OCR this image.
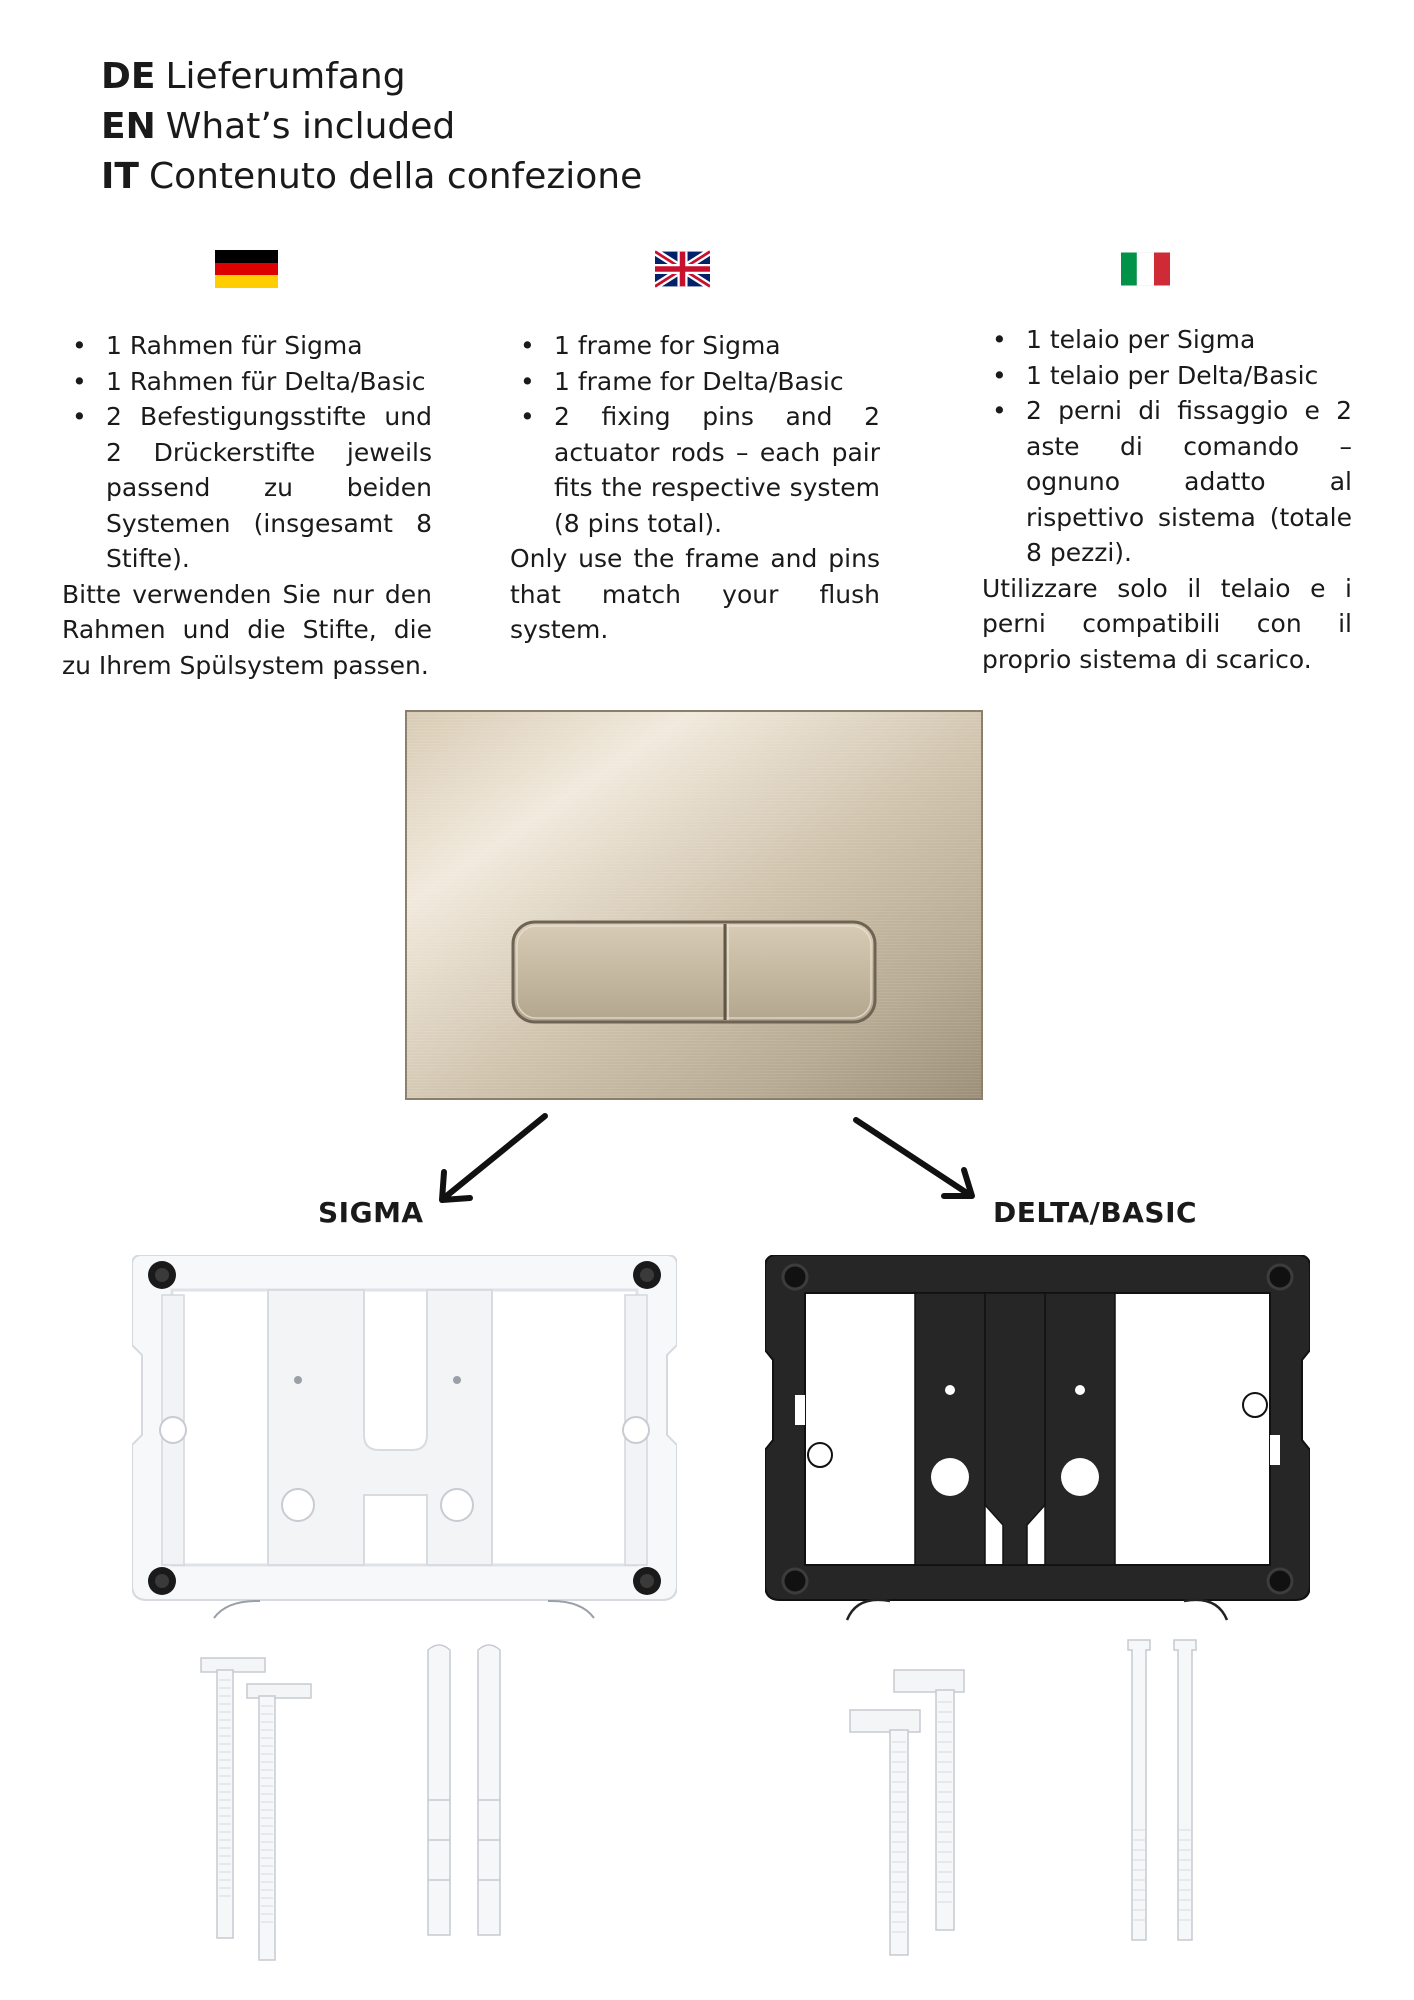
DE Lieferumfang
EN What’s included
IT Contenuto della confezione
• 1 Rahmen für Sigma
• 1 Rahmen für Delta/Basic
• 2 Befestigungsstifte und 2 Drückerstifte jeweils passend zu beiden Systemen (insgesamt 8 Stifte).

Bitte verwenden Sie nur den Rahmen und die Stifte, die zu Ihrem Spülsystem passen.

• 1 frame for Sigma
• 1 frame for Delta/Basic
• 2 fixing pins and 2 actuator rods – each pair fits the respective system (8 pins total).

Only use the frame and pins that match your flush system.

• 1 telaio per Sigma
• 1 telaio per Delta/Basic
• 2 perni di fissaggio e 2 aste di comando – ognuno adatto al rispettivo sistema (totale 8 pezzi).

Utilizzare solo il telaio e i perni compatibili con il proprio sistema di scarico.

SIGMA	DELTA/BASIC
